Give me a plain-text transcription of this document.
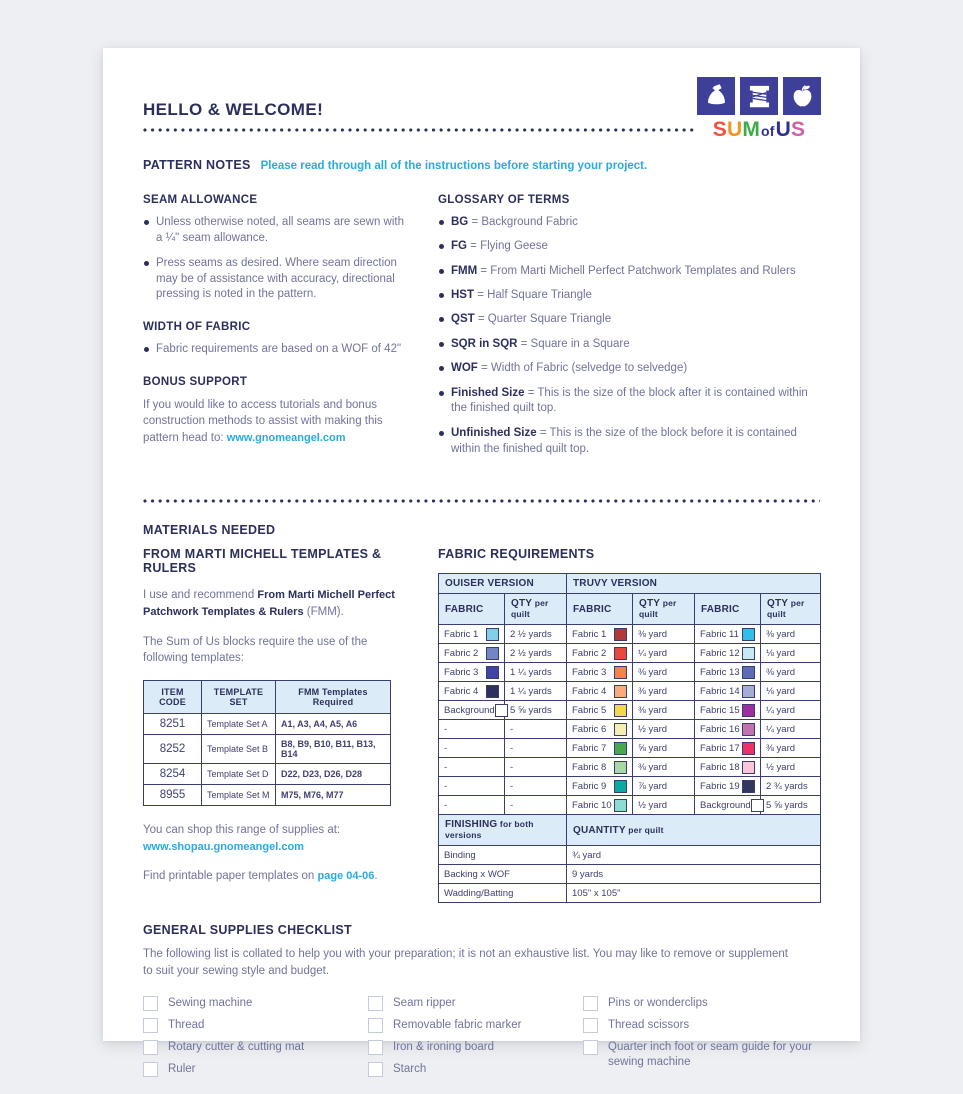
S U M of U S
HELLO & WELCOME!
PATTERN NOTES Please read through all of the instructions before starting your project.
SEAM ALLOWANCE
Unless otherwise noted, all seams are sewn with a ¼" seam allowance.
Press seams as desired. Where seam direction may be of assistance with accuracy, directional pressing is noted in the pattern.
WIDTH OF FABRIC
Fabric requirements are based on a WOF of 42"
BONUS SUPPORT

If you would like to access tutorials and bonus construction methods to assist with making this pattern head to: www.gnomeangel.com

GLOSSARY OF TERMS
BG = Background Fabric
FG = Flying Geese
FMM = From Marti Michell Perfect Patchwork Templates and Rulers
HST = Half Square Triangle
QST = Quarter Square Triangle
SQR in SQR = Square in a Square
WOF = Width of Fabric (selvedge to selvedge)
Finished Size = This is the size of the block after it is contained within the finished quilt top.
Unfinished Size = This is the size of the block before it is contained within the finished quilt top.
MATERIALS NEEDED
FROM MARTI MICHELL TEMPLATES & RULERS

I use and recommend From Marti Michell Perfect Patchwork Templates & Rulers (FMM).

The Sum of Us blocks require the use of the following templates:

ITEM CODE	TEMPLATE SET	FMM Templates Required
8251	Template Set A	A1, A3, A4, A5, A6
8252	Template Set B	B8, B9, B10, B11, B13, B14
8254	Template Set D	D22, D23, D26, D28
8955	Template Set M	M75, M76, M77

You can shop this range of supplies at:
www.shopau.gnomeangel.com

Find printable paper templates on page 04-06.

FABRIC REQUIREMENTS
OUISER VERSION		TRUVY VERSION			
FABRIC	QTY per quilt	FABRIC	QTY per quilt	FABRIC	QTY per quilt

Fabric 1	2 ½ yards	Fabric 1	⅜ yard	Fabric 11	⅜ yard

Fabric 2	2 ½ yards	Fabric 2	¼ yard	Fabric 12	⅛ yard

Fabric 3	1 ¼ yards	Fabric 3	⅜ yard	Fabric 13	⅜ yard

Fabric 4	1 ¼ yards	Fabric 4	⅜ yard	Fabric 14	⅛ yard

Background	5 ⅝ yards	Fabric 5	⅜ yard	Fabric 15	¼ yard
-	-	Fabric 6	½ yard	Fabric 16	¼ yard
-	-	Fabric 7	⅝ yard	Fabric 17	⅜ yard
-	-	Fabric 8	⅜ yard	Fabric 18	½ yard
-	-	Fabric 9	⅞ yard	Fabric 19	2 ¾ yards
-	-	Fabric 10	½ yard	Background	5 ⅝ yards
FINISHING for both versions		QUANTITY per quilt			
Binding		¾ yard			
Backing x WOF		9 yards			
Wadding/Batting		105" x 105"			
GENERAL SUPPLIES CHECKLIST

The following list is collated to help you with your preparation; it is not an exhaustive list. You may like to remove or supplement to suit your sewing style and budget.

Sewing machine
Thread
Rotary cutter & cutting mat
Ruler
Seam ripper
Removable fabric marker
Iron & ironing board
Starch
Pins or wonderclips
Thread scissors
Quarter inch foot or seam guide for your sewing machine
